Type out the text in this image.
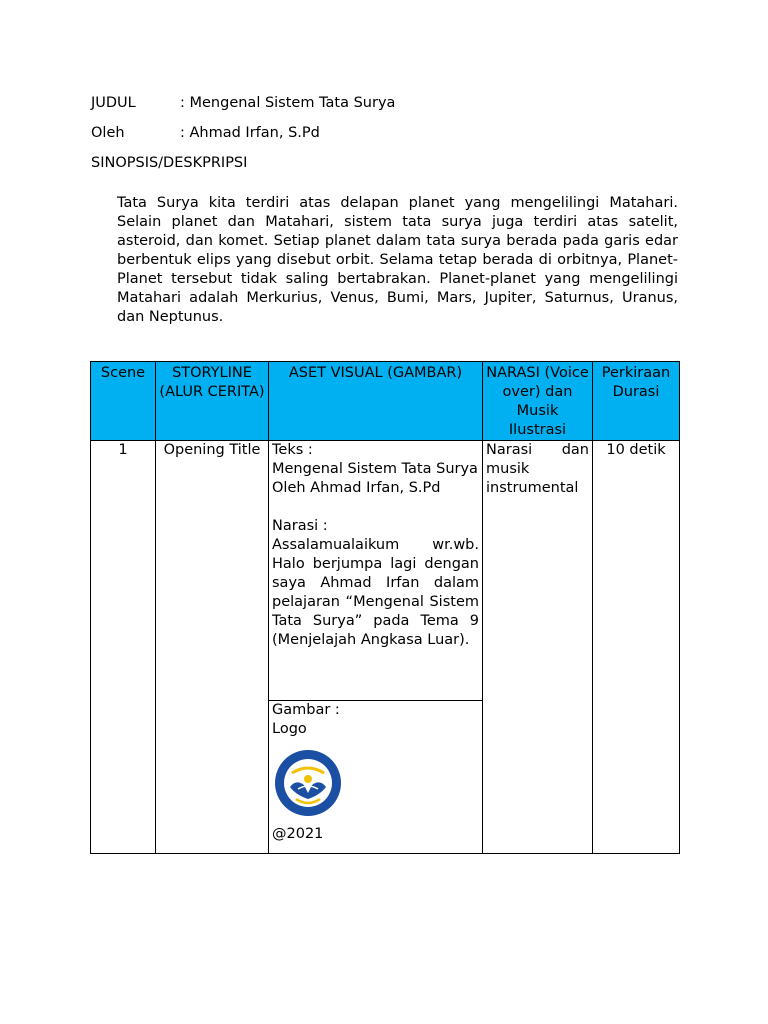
JUDUL	: Mengenal Sistem Tata Surya
Oleh	: Ahmad Irfan, S.Pd
SINOPSIS/DESKPRIPSI
Tata Surya kita terdiri atas delapan planet yang mengelilingi Matahari. Selain planet dan Matahari, sistem tata surya juga terdiri atas satelit, asteroid, dan komet. Setiap planet dalam tata surya berada pada garis edar berbentuk elips yang disebut orbit. Selama tetap berada di orbitnya, Planet-Planet tersebut tidak saling bertabrakan. Planet-planet yang mengelilingi Matahari adalah Merkurius, Venus, Bumi, Mars, Jupiter, Saturnus, Uranus, dan Neptunus.
Scene	STORYLINE (ALUR CERITA)	ASET VISUAL (GAMBAR)	NARASI (Voice over) dan Musik Ilustrasi	Perkiraan Durasi
1	Opening Title	Teks :
Mengenal Sistem Tata Surya
Oleh Ahmad Irfan, S.Pd
Narasi :
Assalamualaikum wr.wb. Halo berjumpa lagi dengan saya Ahmad Irfan dalam pelajaran “Mengenal Sistem Tata Surya” pada Tema 9 (Menjelajah Angkasa Luar).	Narasi dan musik instrumental	10 detik

		Gambar :
Logo
@2021		
